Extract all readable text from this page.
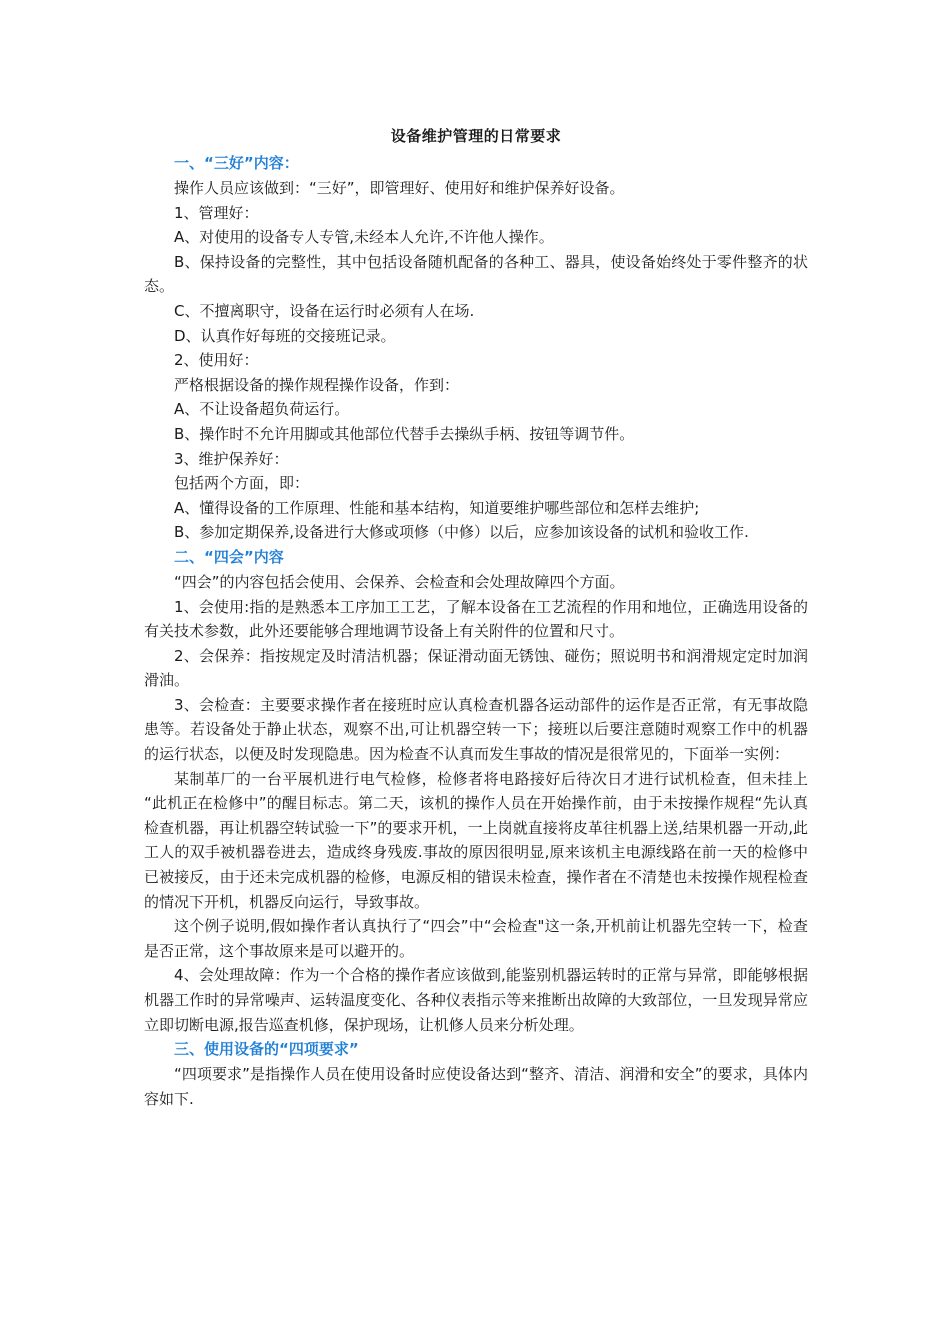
设备维护管理的日常要求
一、“三好”内容：

操作人员应该做到：“三好”，即管理好、使用好和维护保养好设备。

1、管理好：

A、对使用的设备专人专管,未经本人允许,不许他人操作。

B、保持设备的完整性，其中包括设备随机配备的各种工、器具，使设备始终处于零件整齐的状态。

C、不擅离职守，设备在运行时必须有人在场.

D、认真作好每班的交接班记录。

2、使用好：

严格根据设备的操作规程操作设备，作到：

A、不让设备超负荷运行。

B、操作时不允许用脚或其他部位代替手去操纵手柄、按钮等调节件。

3、维护保养好：

包括两个方面，即：

A、懂得设备的工作原理、性能和基本结构，知道要维护哪些部位和怎样去维护;

B、参加定期保养,设备进行大修或项修（中修）以后，应参加该设备的试机和验收工作.

二、“四会”内容

“四会”的内容包括会使用、会保养、会检查和会处理故障四个方面。

1、会使用:指的是熟悉本工序加工工艺，了解本设备在工艺流程的作用和地位，正确选用设备的有关技术参数，此外还要能够合理地调节设备上有关附件的位置和尺寸。

2、会保养：指按规定及时清洁机器；保证滑动面无锈蚀、碰伤；照说明书和润滑规定定时加润滑油。

3、会检查：主要要求操作者在接班时应认真检查机器各运动部件的运作是否正常，有无事故隐患等。若设备处于静止状态，观察不出,可让机器空转一下；接班以后要注意随时观察工作中的机器的运行状态，以便及时发现隐患。因为检查不认真而发生事故的情况是很常见的，下面举一实例：

某制革厂的一台平展机进行电气检修，检修者将电路接好后待次日才进行试机检查，但未挂上 “此机正在检修中”的醒目标志。第二天，该机的操作人员在开始操作前，由于未按操作规程“先认真检查机器，再让机器空转试验一下”的要求开机，一上岗就直接将皮革往机器上送,结果机器一开动,此工人的双手被机器卷进去，造成终身残废.事故的原因很明显,原来该机主电源线路在前一天的检修中已被接反，由于还未完成机器的检修，电源反相的错误未检查，操作者在不清楚也未按操作规程检查的情况下开机，机器反向运行，导致事故。

这个例子说明,假如操作者认真执行了“四会”中“会检查"这一条,开机前让机器先空转一下，检查是否正常，这个事故原来是可以避开的。

4、会处理故障：作为一个合格的操作者应该做到,能鉴别机器运转时的正常与异常，即能够根据机器工作时的异常噪声、运转温度变化、各种仪表指示等来推断出故障的大致部位，一旦发现异常应立即切断电源,报告巡查机修，保护现场，让机修人员来分析处理。

三、使用设备的“四项要求”

“四项要求”是指操作人员在使用设备时应使设备达到“整齐、清洁、润滑和安全”的要求，具体内容如下.
